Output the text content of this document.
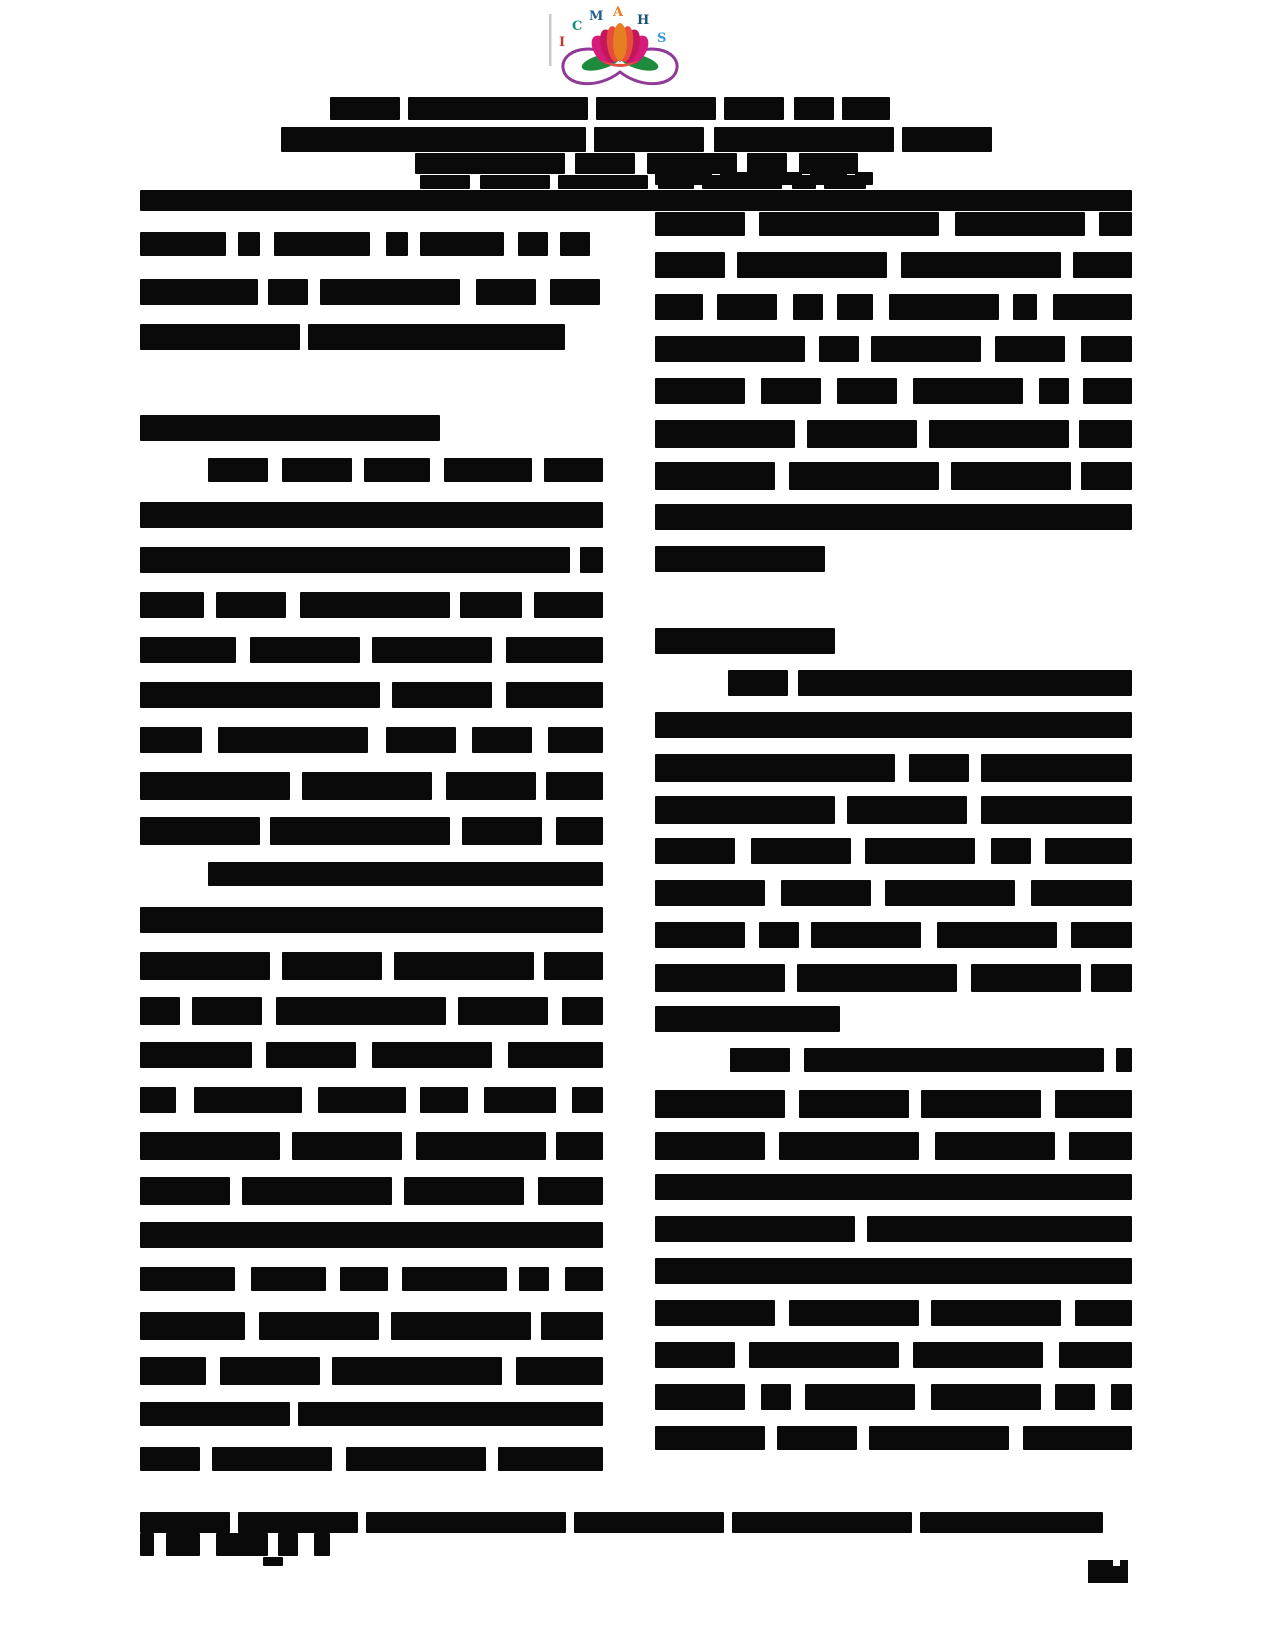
I
C
M A
H
S
